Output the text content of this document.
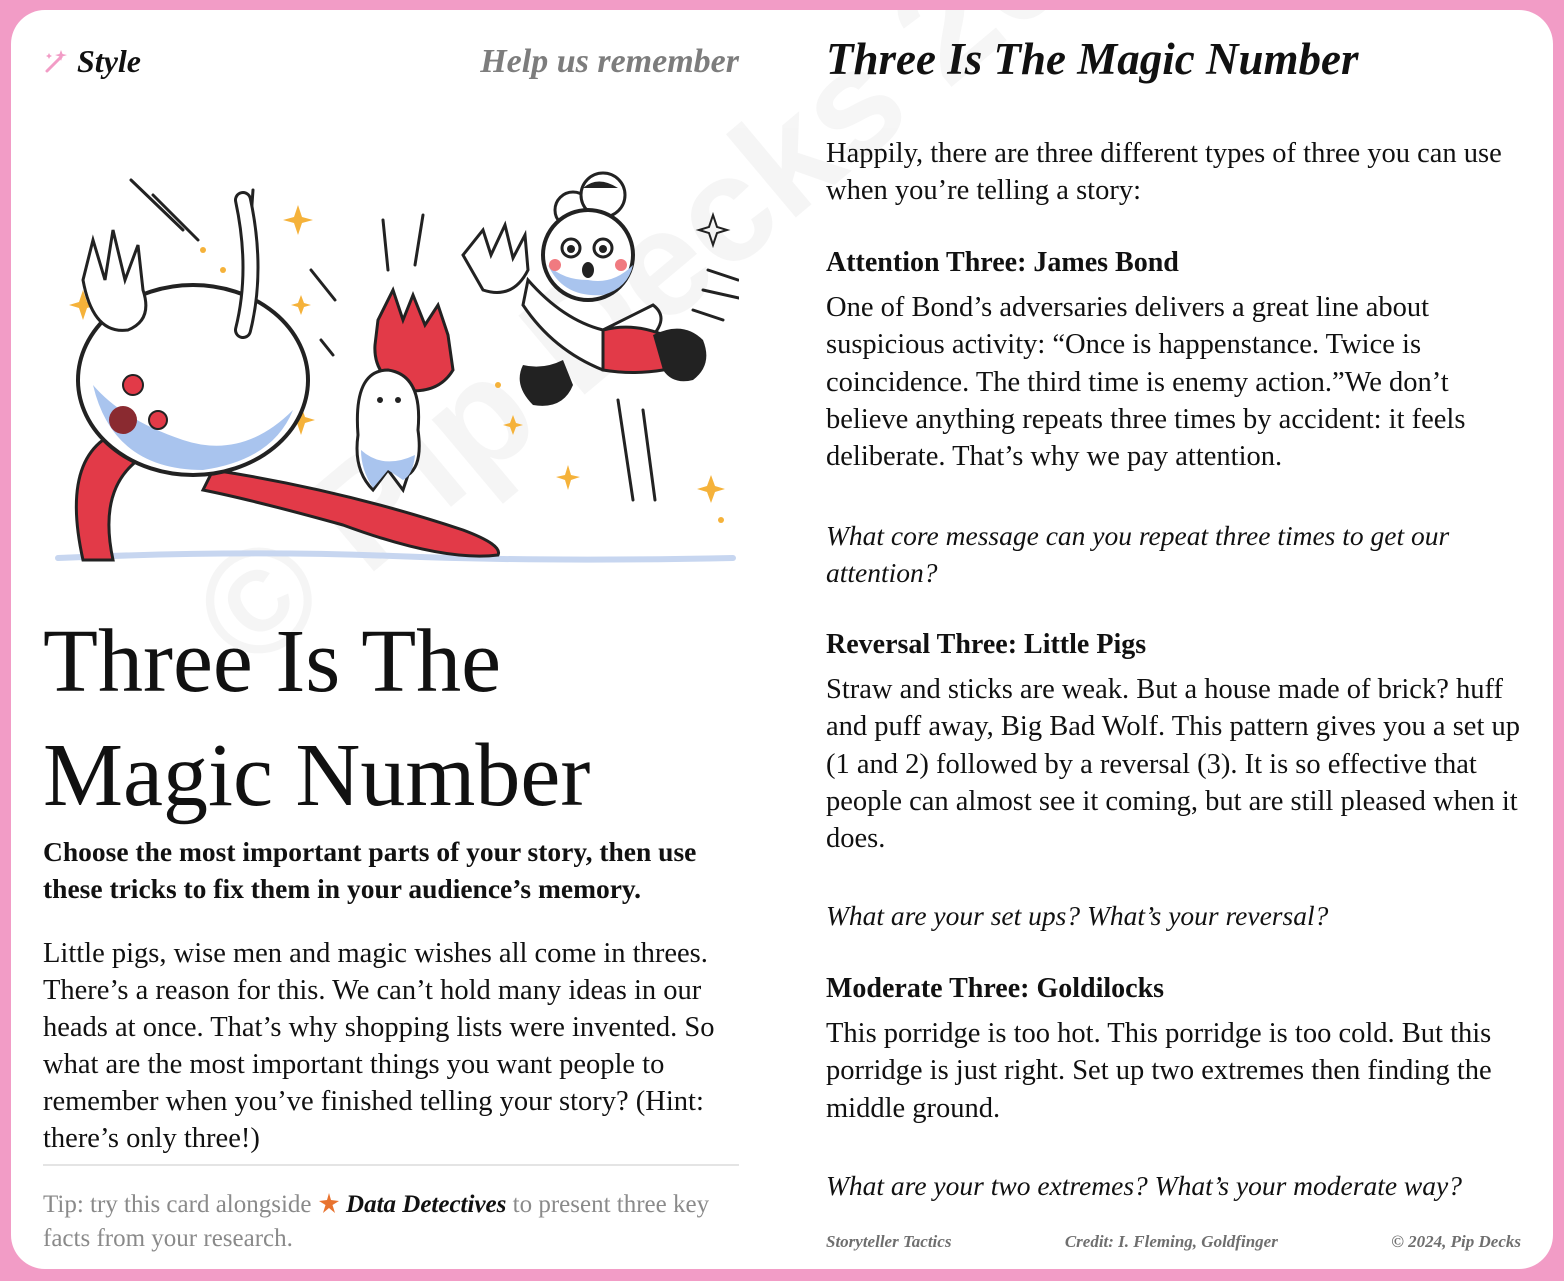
Style	Help us remember
Three Is The
Magic Number

Choose the most important parts of your story, then use these tricks to fix them in your audience’s memory.

Little pigs, wise men and magic wishes all come in threes. There’s a reason for this. We can’t hold many ideas in our heads at once. That’s why shopping lists were invented. So what are the most important things you want people to remember when you’ve finished telling your story? (Hint: there’s only three!)

Tip: try this card alongside Data Detectives to present three key facts from your research.

Three Is The Magic Number

Happily, there are three different types of three you can use when you’re telling a story:

Attention Three: James Bond

One of Bond’s adversaries delivers a great line about suspicious activity: “Once is happenstance. Twice is coincidence. The third time is enemy action.”We don’t believe anything repeats three times by accident: it feels deliberate. That’s why we pay attention.

What core message can you repeat three times to get our attention?

Reversal Three: Little Pigs

Straw and sticks are weak. But a house made of brick? huff and puff away, Big Bad Wolf. This pattern gives you a set up (1 and 2) followed by a reversal (3). It is so effective that people can almost see it coming, but are still pleased when it does.

What are your set ups? What’s your reversal?

Moderate Three: Goldilocks

This porridge is too hot. This porridge is too cold. But this porridge is just right. Set up two extremes then finding the middle ground.

What are your two extremes? What’s your moderate way?

Storyteller Tactics	Credit: I. Fleming, Goldfinger	© 2024, Pip Decks
